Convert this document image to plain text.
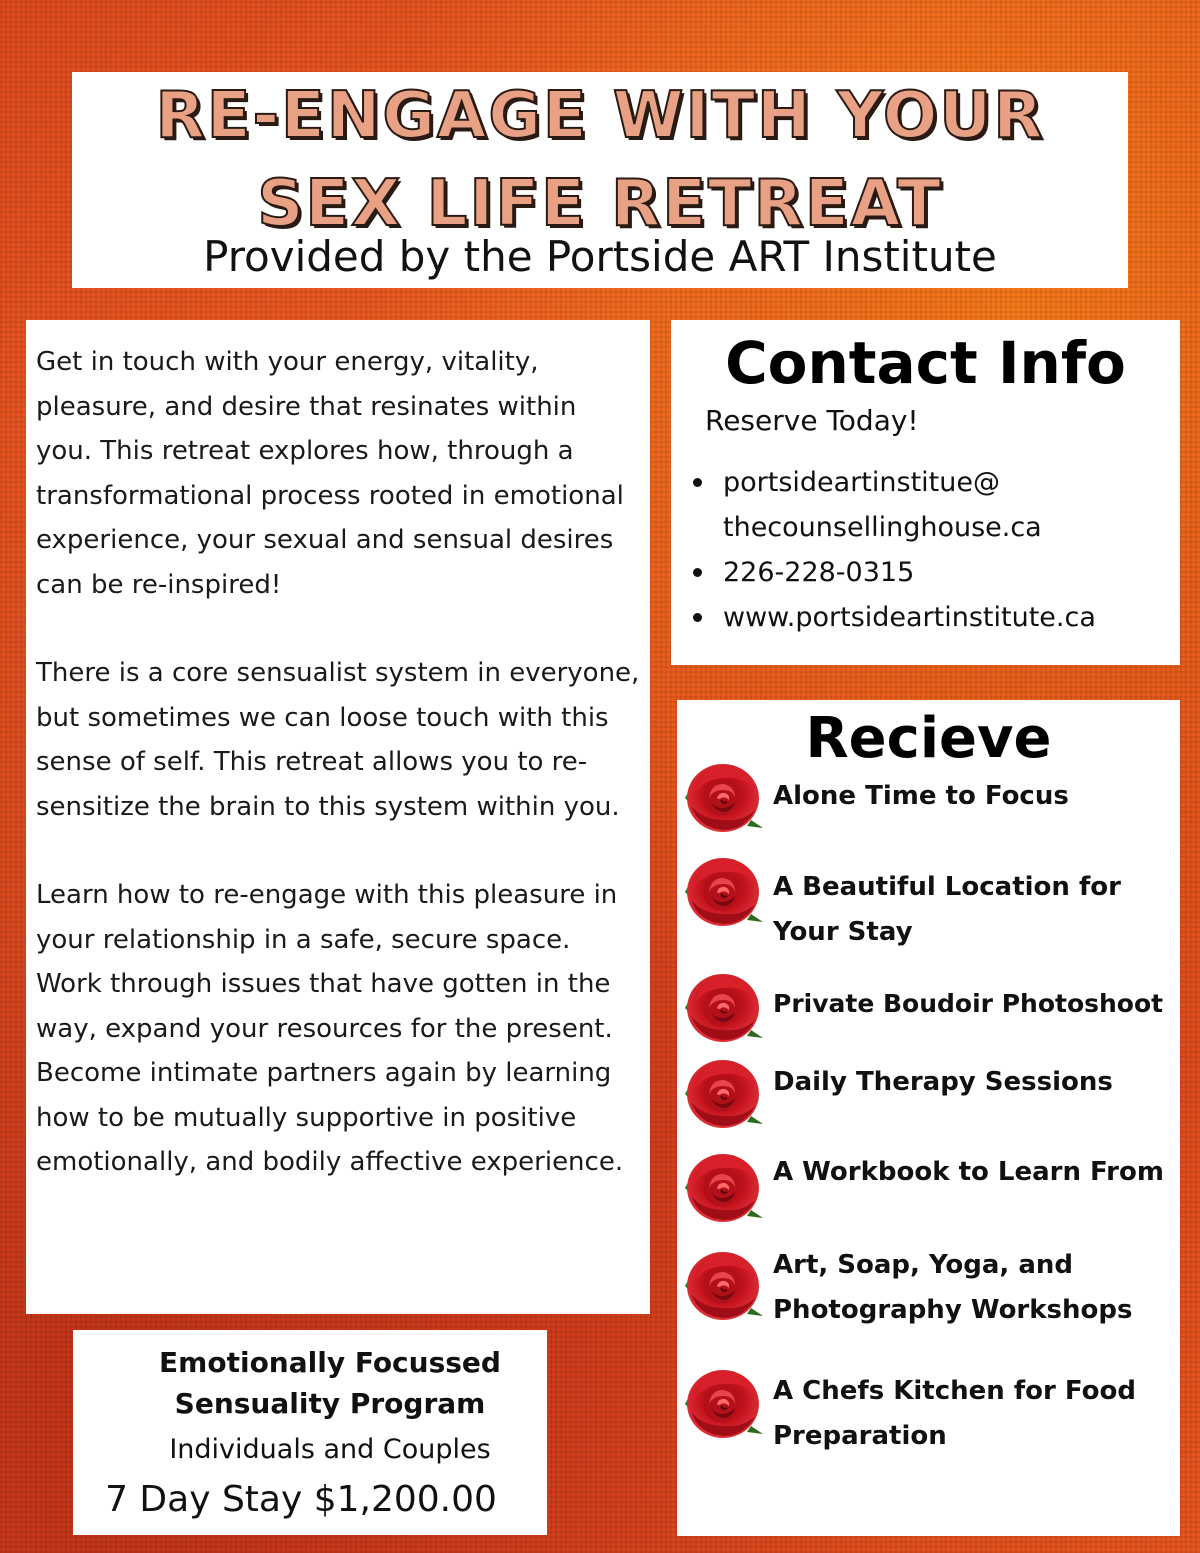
RE-ENGAGE WITH YOUR
SEX LIFE RETREAT
Provided by the Portside ART Institute

Get in touch with your energy, vitality, pleasure, and desire that resinates within you. This retreat explores how, through a transformational process rooted in emotional experience, your sexual and sensual desires can be re-inspired!

There is a core sensualist system in everyone, but sometimes we can loose touch with this sense of self. This retreat allows you to re-sensitize the brain to this system within you.

Learn how to re-engage with this pleasure in your relationship in a safe, secure space. Work through issues that have gotten in the way, expand your resources for the present. Become intimate partners again by learning how to be mutually supportive in positive emotionally, and bodily affective experience.

Contact Info
Reserve Today!
portsideartinstitue@
thecounsellinghouse.ca
226-228-0315
www.portsideartinstitute.ca
Recieve
Alone Time to Focus
A Beautiful Location for Your Stay
Private Boudoir Photoshoot
Daily Therapy Sessions
A Workbook to Learn From
Art, Soap, Yoga, and Photography Workshops
A Chefs Kitchen for Food Preparation
Emotionally Focussed Sensuality Program
Individuals and Couples
7 Day Stay $1,200.00
